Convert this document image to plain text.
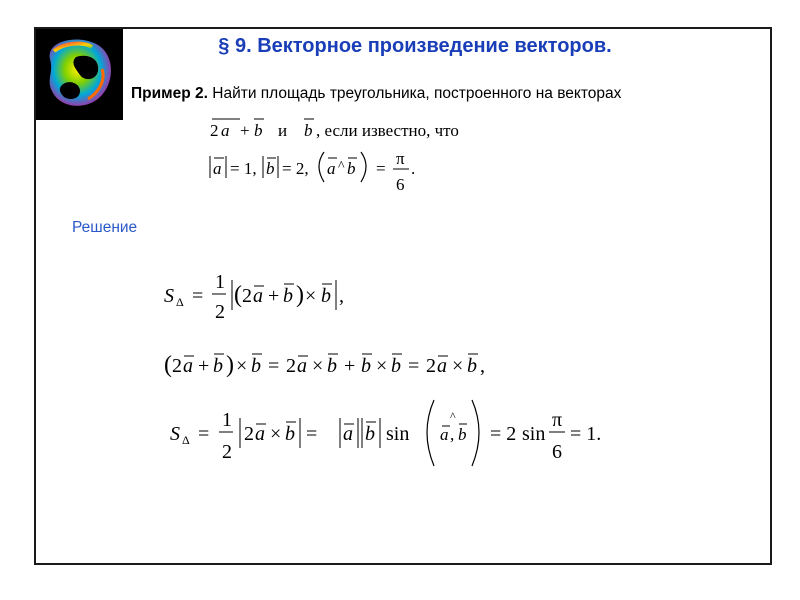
§ 9. Векторное произведение векторов.
Пример 2. Найти площадь треугольника, построенного на векторах
2 a + b и b , если известно, что
a = 1, b = 2, a ^ b =
π
6
.
Решение
S Δ =
1
2
( 2 a + b ) × b ,
( 2 a + b ) × b = 2 a × b + b × b = 2 a × b ,
S Δ =
1
2
2 a × b = a b sin
^
a , b = 2 sin
π
6
= 1.
